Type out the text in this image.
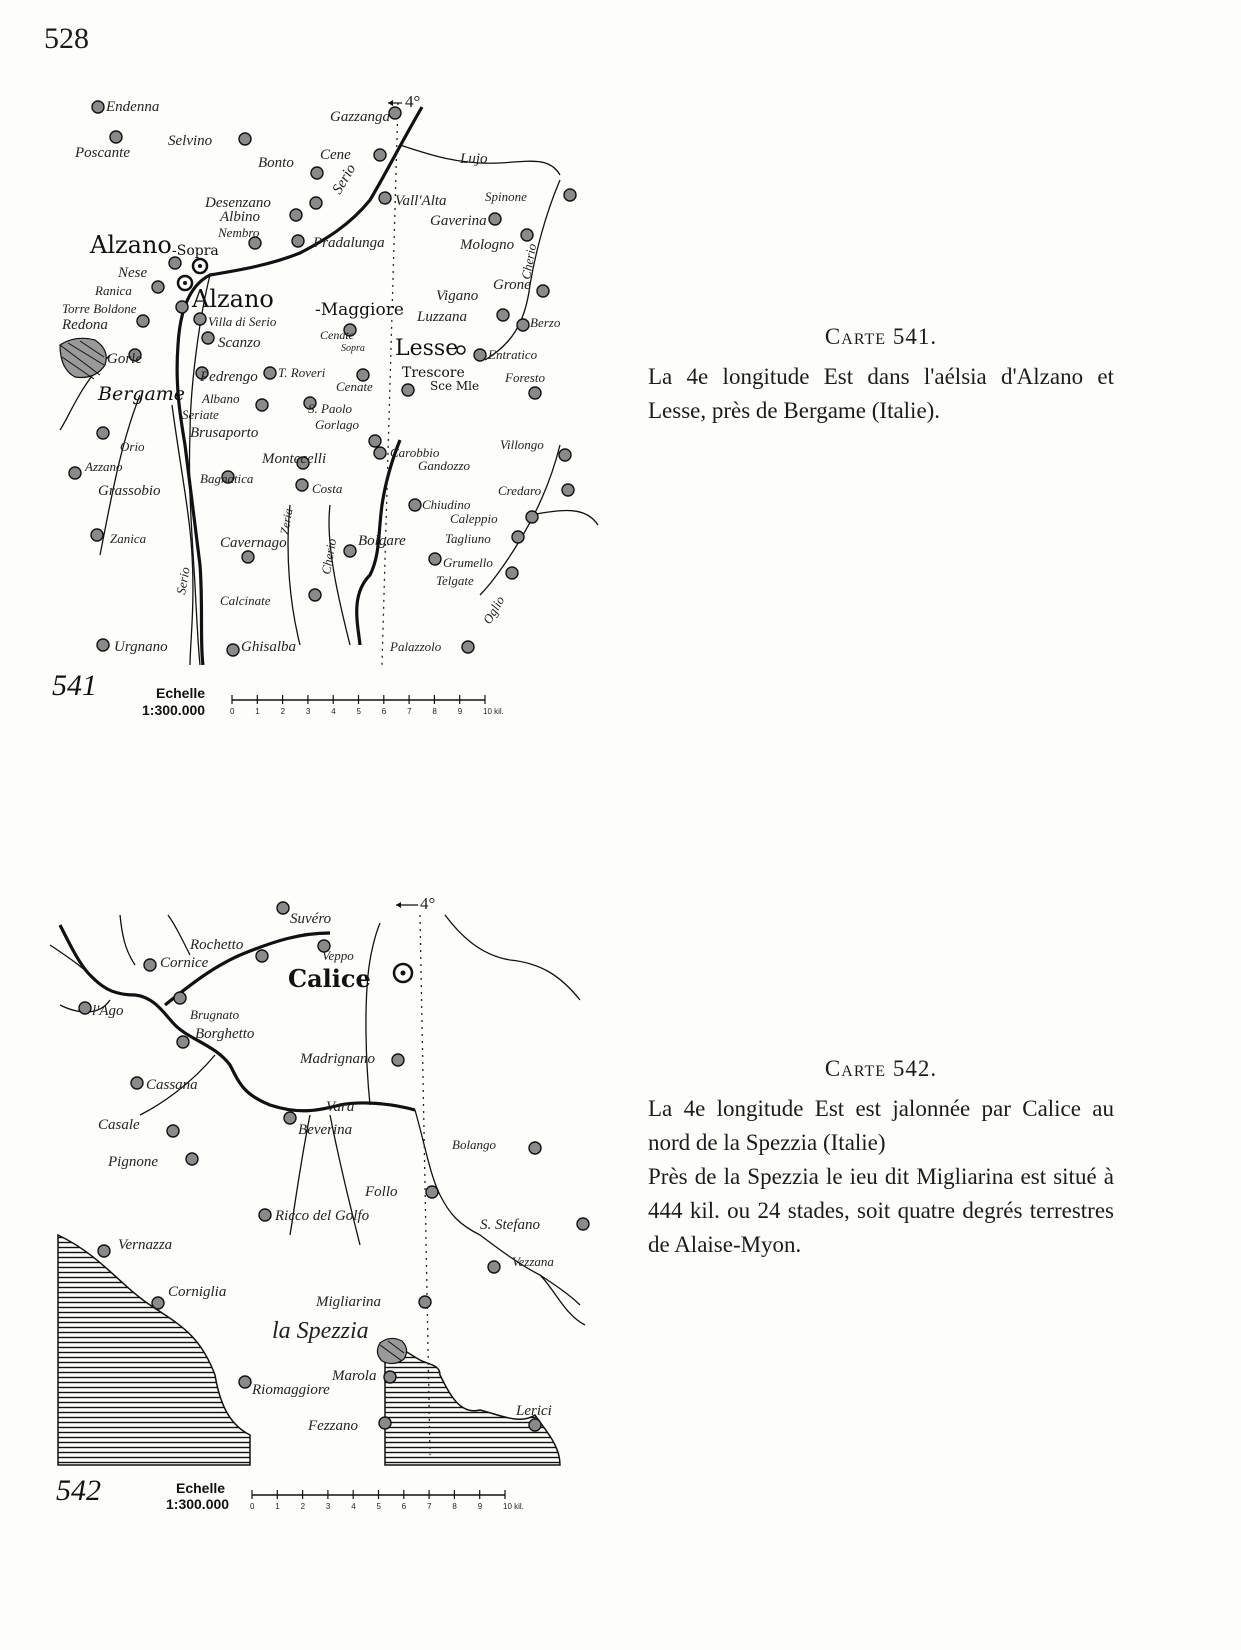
528
4°
Alzano -Sopra
Alzano -Maggiore
Lesse
Bergame
Trescore
Sce Mle
Endenna
Selvino
Poscante
Gazzanga
Bonto Cene	Lujo
Desenzano
Albino
Serio
Vall'Alta	Spinone
Gaverina
Nembro
Pradalunga	Mologno Cherio
Nese
Grone
Ranica
Torre Boldone
Redona
Vigano
Luzzana	Berzo
Villa di Serio
Cenate
Sopra
Gorle
Scanzo
Entratico
Pedrengo T. Roveri
Cenate
Foresto
Albano
S. Paolo
Seriate
Gorlago
Brusaporto
Orio	Carobbio
Villongo
Gandozzo
Montecelli
Azzano
Bagnatica
Costa	Credaro
Grassobio
Chiudino
Caleppio
Zanica	Cavernago	Bolgare	Tagliuno
Zeria
Serio
Cherio	Grumello
Telgate
Calcinate	Oglio
Urgnano	Ghisalba	Palazzolo
541	Echelle
1:300.000	0	1	2	3	4	5	6	7	8	9	10 kil.
Carte 541.

La 4e longitude Est dans l'aélsia d'Alzano et Lesse, près de Bergame (Italie).

4°
Calice
la Spezzia
Suvéro
Rochetto
Veppo
Cornice
l'Ago	Brugnato
Borghetto
Madrignano
Cassana
Vara
Casale	Beverina
Bolango
Pignone
Follo
Ricco del Golfo
S. Stefano
Vernazza
Vezzana
Corniglia
Migliarina
Marola
Riomaggiore
Fezzano
Lerici
542	Echelle
1:300.000	0	1	2	3	4	5	6	7	8	9	10 kil.
Carte 542.

La 4e longitude Est est jalonnée par Calice au nord de la Spezzia (Italie)

Près de la Spezzia le ieu dit Migliarina est situé à 444 kil. ou 24 stades, soit quatre degrés terrestres de Alaise-Myon.
